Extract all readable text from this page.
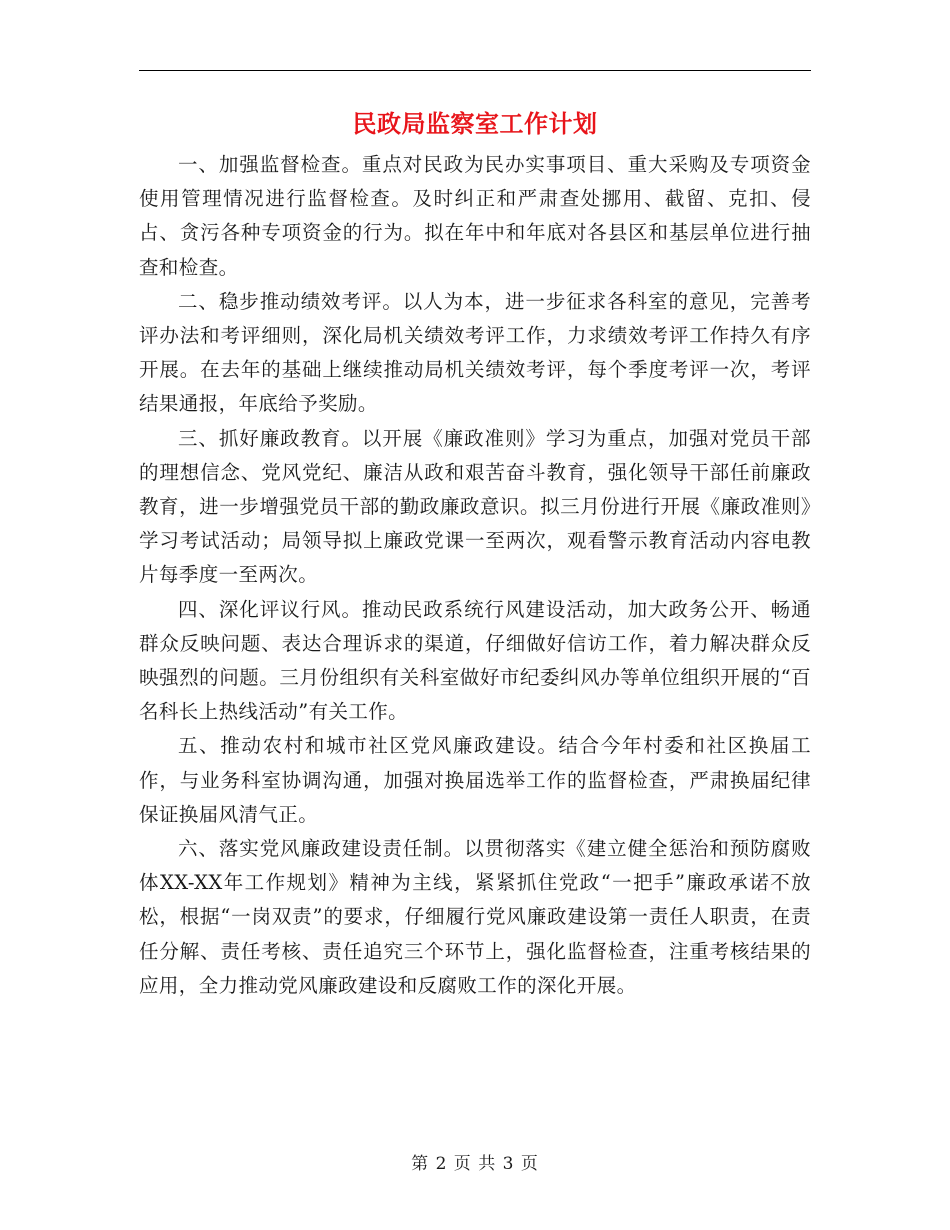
民政局监察室工作计划

一、加强监督检查。重点对民政为民办实事项目、重大采购及专项资金使用管理情况进行监督检查。及时纠正和严肃查处挪用、截留、克扣、侵占、贪污各种专项资金的行为。拟在年中和年底对各县区和基层单位进行抽查和检查。

二、稳步推动绩效考评。以人为本，进一步征求各科室的意见，完善考评办法和考评细则，深化局机关绩效考评工作，力求绩效考评工作持久有序开展。在去年的基础上继续推动局机关绩效考评，每个季度考评一次，考评结果通报，年底给予奖励。

三、抓好廉政教育。以开展《廉政准则》学习为重点，加强对党员干部的理想信念、党风党纪、廉洁从政和艰苦奋斗教育，强化领导干部任前廉政教育，进一步增强党员干部的勤政廉政意识。拟三月份进行开展《廉政准则》学习考试活动；局领导拟上廉政党课一至两次，观看警示教育活动内容电教片每季度一至两次。

四、深化评议行风。推动民政系统行风建设活动，加大政务公开、畅通群众反映问题、表达合理诉求的渠道，仔细做好信访工作，着力解决群众反映强烈的问题。三月份组织有关科室做好市纪委纠风办等单位组织开展的“百名科长上热线活动”有关工作。

五、推动农村和城市社区党风廉政建设。结合今年村委和社区换届工作，与业务科室协调沟通，加强对换届选举工作的监督检查，严肃换届纪律保证换届风清气正。

六、落实党风廉政建设责任制。以贯彻落实《建立健全惩治和预防腐败体XX-XX年工作规划》精神为主线，紧紧抓住党政“一把手”廉政承诺不放松，根据“一岗双责”的要求，仔细履行党风廉政建设第一责任人职责，在责任分解、责任考核、责任追究三个环节上，强化监督检查，注重考核结果的应用，全力推动党风廉政建设和反腐败工作的深化开展。

第 2 页 共 3 页
